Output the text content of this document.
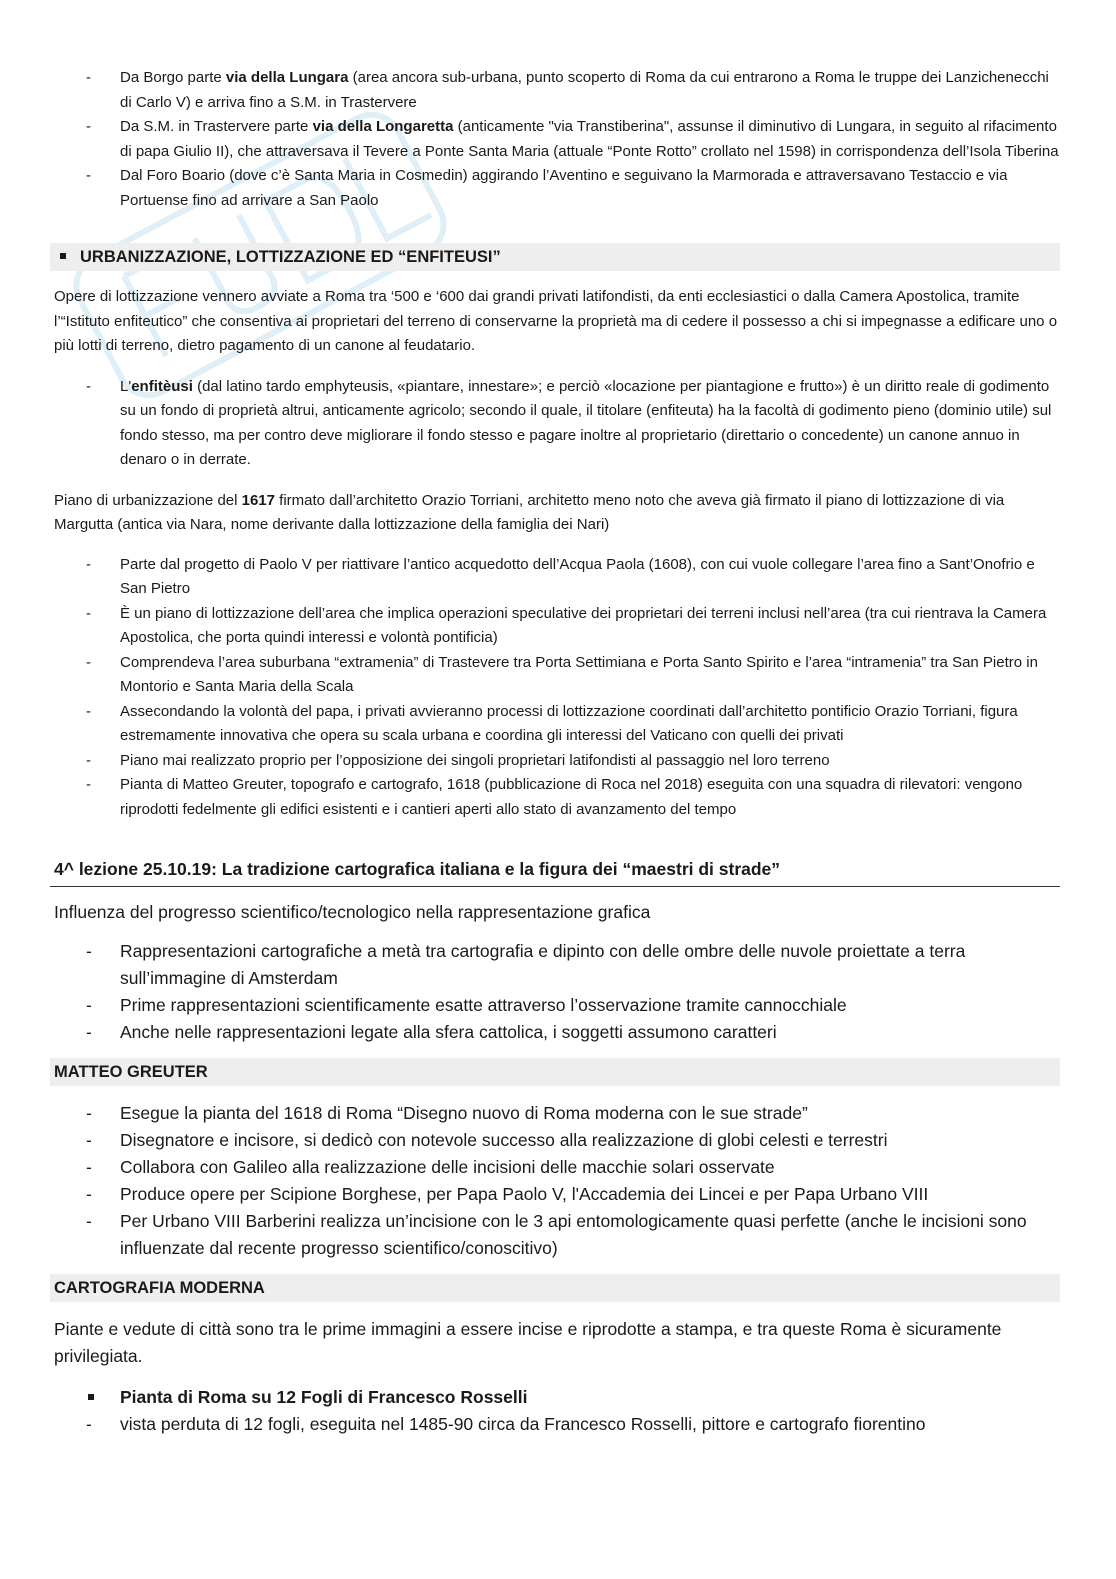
- Da Borgo parte via della Lungara (area ancora sub-urbana, punto scoperto di Roma da cui entrarono a Roma le truppe dei Lanzichenecchi di Carlo V) e arriva fino a S.M. in Trastervere
- Da S.M. in Trastervere parte via della Longaretta (anticamente "via Transtiberina", assunse il diminutivo di Lungara, in seguito al rifacimento di papa Giulio II), che attraversava il Tevere a Ponte Santa Maria (attuale “Ponte Rotto” crollato nel 1598) in corrispondenza dell’Isola Tiberina
- Dal Foro Boario (dove c’è Santa Maria in Cosmedin) aggirando l’Aventino e seguivano la Marmorada e attraversavano Testaccio e via Portuense fino ad arrivare a San Paolo
URBANIZZAZIONE, LOTTIZZAZIONE ED “ENFITEUSI”

Opere di lottizzazione vennero avviate a Roma tra ‘500 e ‘600 dai grandi privati latifondisti, da enti ecclesiastici o dalla Camera Apostolica, tramite l’“Istituto enfiteutico” che consentiva ai proprietari del terreno di conservarne la proprietà ma di cedere il possesso a chi si impegnasse a edificare uno o più lotti di terreno, dietro pagamento di un canone al feudatario.

- L'enfitèusi (dal latino tardo emphyteusis, «piantare, innestare»; e perciò «locazione per piantagione e frutto») è un diritto reale di godimento su un fondo di proprietà altrui, anticamente agricolo; secondo il quale, il titolare (enfiteuta) ha la facoltà di godimento pieno (dominio utile) sul fondo stesso, ma per contro deve migliorare il fondo stesso e pagare inoltre al proprietario (direttario o concedente) un canone annuo in denaro o in derrate.

Piano di urbanizzazione del 1617 firmato dall’architetto Orazio Torriani, architetto meno noto che aveva già firmato il piano di lottizzazione di via Margutta (antica via Nara, nome derivante dalla lottizzazione della famiglia dei Nari)

- Parte dal progetto di Paolo V per riattivare l’antico acquedotto dell’Acqua Paola (1608), con cui vuole collegare l’area fino a Sant’Onofrio e San Pietro
- È un piano di lottizzazione dell’area che implica operazioni speculative dei proprietari dei terreni inclusi nell’area (tra cui rientrava la Camera Apostolica, che porta quindi interessi e volontà pontificia)
- Comprendeva l’area suburbana “extramenia” di Trastevere tra Porta Settimiana e Porta Santo Spirito e l’area “intramenia” tra San Pietro in Montorio e Santa Maria della Scala
- Assecondando la volontà del papa, i privati avvieranno processi di lottizzazione coordinati dall’architetto pontificio Orazio Torriani, figura estremamente innovativa che opera su scala urbana e coordina gli interessi del Vaticano con quelli dei privati
- Piano mai realizzato proprio per l’opposizione dei singoli proprietari latifondisti al passaggio nel loro terreno
- Pianta di Matteo Greuter, topografo e cartografo, 1618 (pubblicazione di Roca nel 2018) eseguita con una squadra di rilevatori: vengono riprodotti fedelmente gli edifici esistenti e i cantieri aperti allo stato di avanzamento del tempo
4^ lezione 25.10.19: La tradizione cartografica italiana e la figura dei “maestri di strade”

Influenza del progresso scientifico/tecnologico nella rappresentazione grafica

- Rappresentazioni cartografiche a metà tra cartografia e dipinto con delle ombre delle nuvole proiettate a terra sull’immagine di Amsterdam
- Prime rappresentazioni scientificamente esatte attraverso l’osservazione tramite cannocchiale
- Anche nelle rappresentazioni legate alla sfera cattolica, i soggetti assumono caratteri
MATTEO GREUTER
- Esegue la pianta del 1618 di Roma “Disegno nuovo di Roma moderna con le sue strade”
- Disegnatore e incisore, si dedicò con notevole successo alla realizzazione di globi celesti e terrestri
- Collabora con Galileo alla realizzazione delle incisioni delle macchie solari osservate
- Produce opere per Scipione Borghese, per Papa Paolo V, l'Accademia dei Lincei e per Papa Urbano VIII
- Per Urbano VIII Barberini realizza un’incisione con le 3 api entomologicamente quasi perfette (anche le incisioni sono influenzate dal recente progresso scientifico/conoscitivo)
CARTOGRAFIA MODERNA

Piante e vedute di città sono tra le prime immagini a essere incise e riprodotte a stampa, e tra queste Roma è sicuramente privilegiata.

Pianta di Roma su 12 Fogli di Francesco Rosselli
- vista perduta di 12 fogli, eseguita nel 1485-90 circa da Francesco Rosselli, pittore e cartografo fiorentino
